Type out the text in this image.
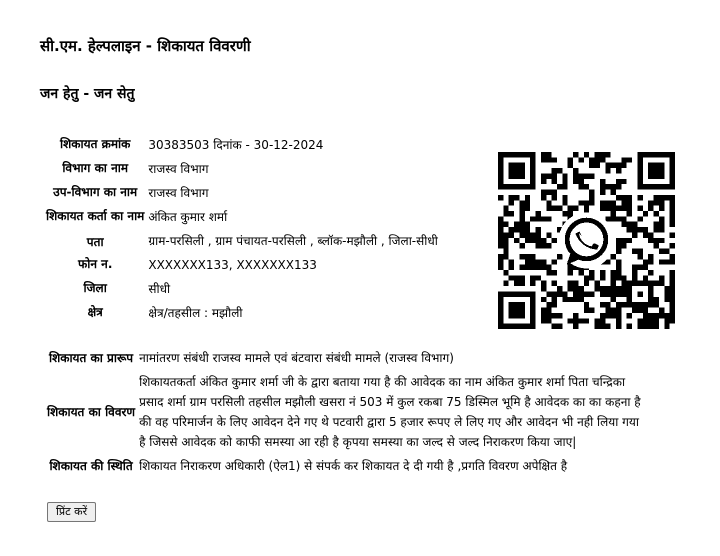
सी.एम. हेल्पलाइन - शिकायत विवरणी
जन हेतु - जन सेतु
शिकायत क्रमांक	30383503 दिनांक - 30-12-2024
विभाग का नाम	राजस्व विभाग
उप-विभाग का नाम	राजस्व विभाग
शिकायत कर्ता का नाम	अंकित कुमार शर्मा
पता	ग्राम-परसिली , ग्राम पंचायत-परसिली , ब्लॉक-मझौली , जिला-सीधी
फोन न.	XXXXXXX133, XXXXXXX133
जिला	सीधी
क्षेत्र	क्षेत्र/तहसील : मझौली
शिकायत का प्रारूप	नामांतरण संबंधी राजस्व मामले एवं बंटवारा संबंधी मामले (राजस्व विभाग)
शिकायत का विवरण	शिकायतकर्ता अंकित कुमार शर्मा जी के द्वारा बताया गया है की आवेदक का नाम अंकित कुमार शर्मा पिता चन्द्रिका प्रसाद शर्मा ग्राम परसिली तहसील मझौली खसरा नं 503 में कुल रकबा 75 डिस्मिल भूमि है आवेदक का का कहना है की वह परिमार्जन के लिए आवेदन देने गए थे पटवारी द्वारा 5 हजार रूपए ले लिए गए और आवेदन भी नही लिया गया है जिससे आवेदक को काफी समस्या आ रही है कृपया समस्या का जल्द से जल्द निराकरण किया जाए|
शिकायत की स्थिति	शिकायत निराकरण अधिकारी (ऐल1) से संपर्क कर शिकायत दे दी गयी है ,प्रगति विवरण अपेक्षित है
प्रिंट करें
